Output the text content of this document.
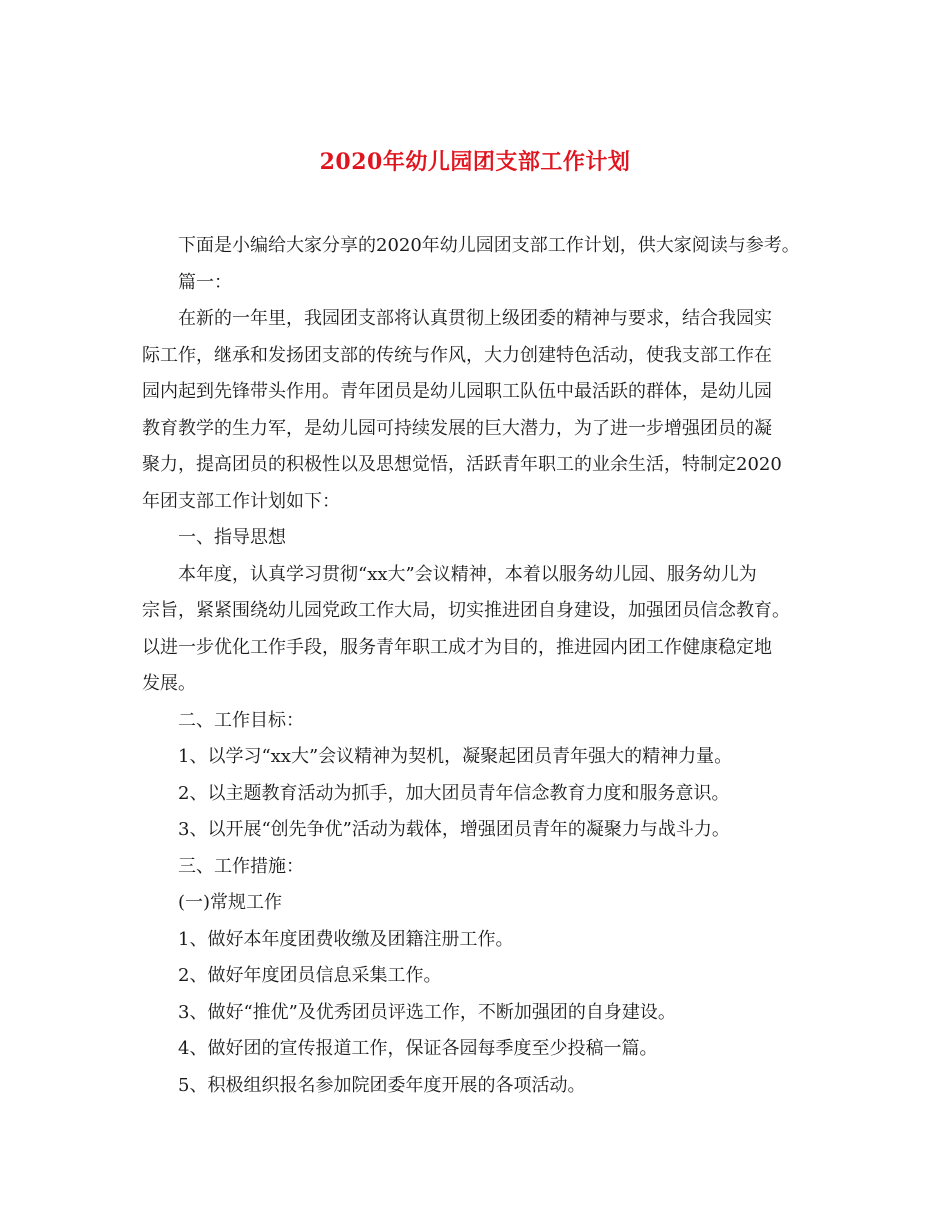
2020年幼儿园团支部工作计划

下面是小编给大家分享的2020年幼儿园团支部工作计划，供大家阅读与参考。

篇一：

在新的一年里，我园团支部将认真贯彻上级团委的精神与要求，结合我园实
际工作，继承和发扬团支部的传统与作风，大力创建特色活动，使我支部工作在
园内起到先锋带头作用。青年团员是幼儿园职工队伍中最活跃的群体，是幼儿园
教育教学的生力军，是幼儿园可持续发展的巨大潜力，为了进一步增强团员的凝
聚力，提高团员的积极性以及思想觉悟，活跃青年职工的业余生活，特制定2020
年团支部工作计划如下：

一、指导思想

本年度，认真学习贯彻“xx大”会议精神，本着以服务幼儿园、服务幼儿为
宗旨，紧紧围绕幼儿园党政工作大局，切实推进团自身建设，加强团员信念教育。
以进一步优化工作手段，服务青年职工成才为目的，推进园内团工作健康稳定地
发展。

二、工作目标：

1、以学习“xx大”会议精神为契机，凝聚起团员青年强大的精神力量。

2、以主题教育活动为抓手，加大团员青年信念教育力度和服务意识。

3、以开展“创先争优”活动为载体，增强团员青年的凝聚力与战斗力。

三、工作措施：

(一)常规工作

1、做好本年度团费收缴及团籍注册工作。

2、做好年度团员信息采集工作。

3、做好“推优”及优秀团员评选工作，不断加强团的自身建设。

4、做好团的宣传报道工作，保证各园每季度至少投稿一篇。

5、积极组织报名参加院团委年度开展的各项活动。
